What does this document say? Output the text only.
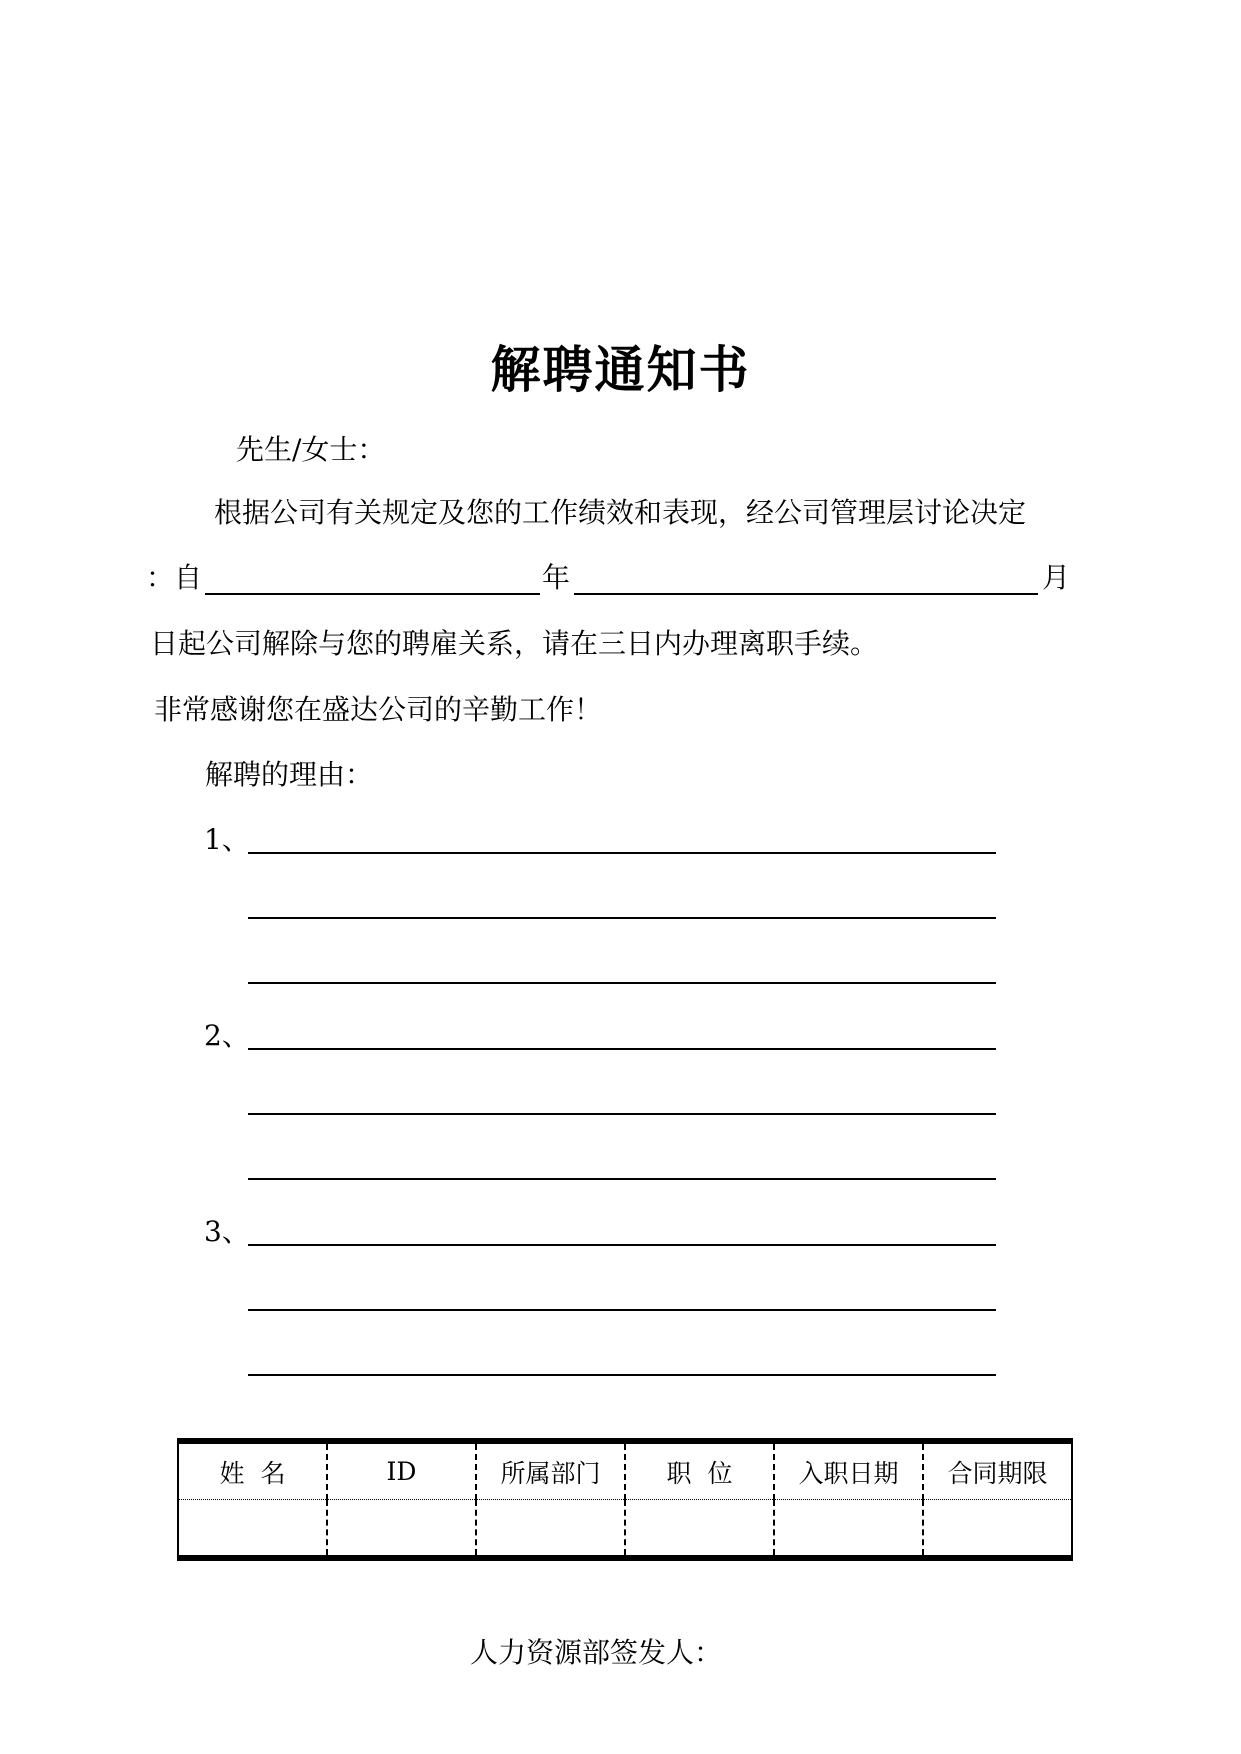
解聘通知书
先生/女士：
根据公司有关规定及您的工作绩效和表现，经公司管理层讨论决定
：自	年	月
日起公司解除与您的聘雇关系，请在三日内办理离职手续。
非常感谢您在盛达公司的辛勤工作！
解聘的理由：
1、
2、
3、
姓  名	ID	所属部门	职  位	入职日期	合同期限

人力资源部签发人：
